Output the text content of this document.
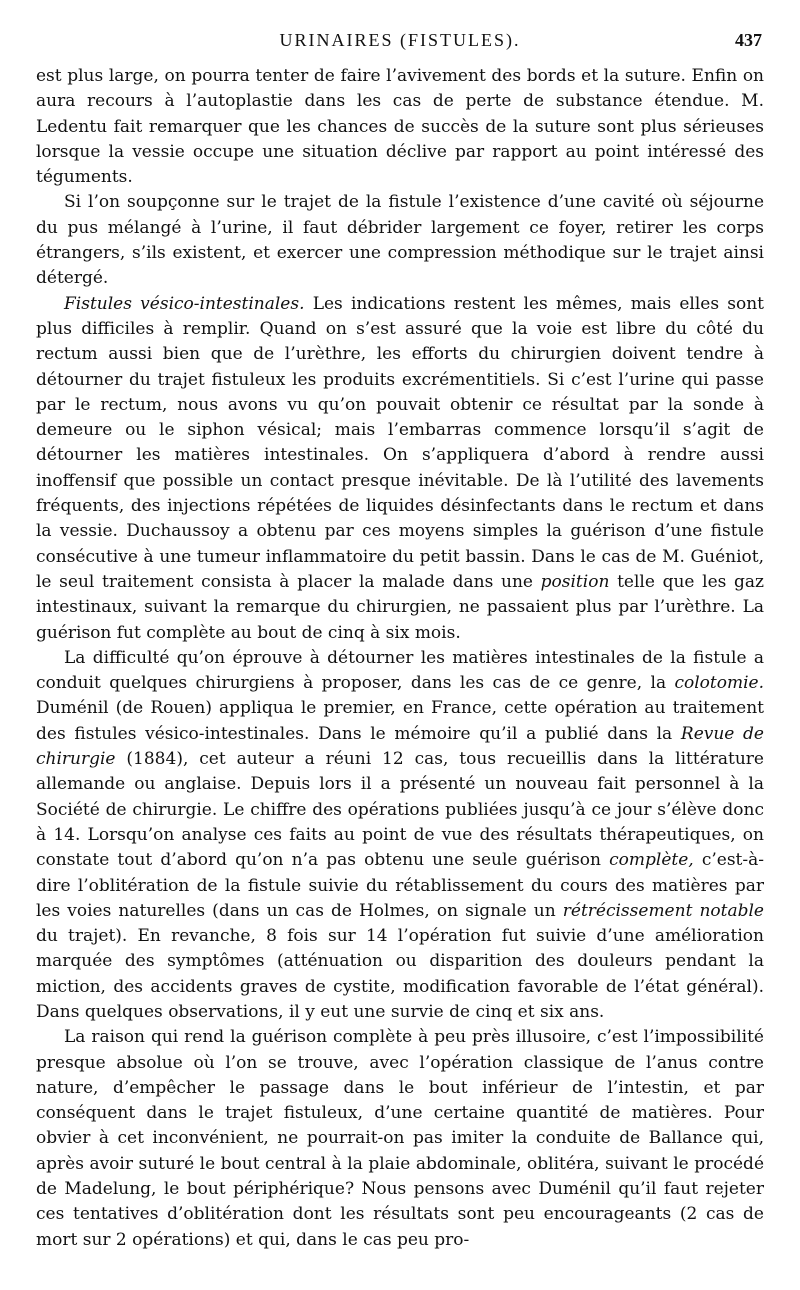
URINAIRES (FISTULES).	437

est plus large, on pourra tenter de faire l’avivement des bords et la suture. Enfin on aura recours à l’autoplastie dans les cas de perte de substance étendue. M. Ledentu fait remarquer que les chances de succès de la suture sont plus sérieuses lorsque la vessie occupe une situation déclive par rapport au point intéressé des téguments.

Si l’on soupçonne sur le trajet de la fistule l’existence d’une cavité où séjourne du pus mélangé à l’urine, il faut débrider largement ce foyer, retirer les corps étrangers, s’ils existent, et exercer une compression méthodique sur le trajet ainsi détergé.

Fistules vésico-intestinales. Les indications restent les mêmes, mais elles sont plus difficiles à remplir. Quand on s’est assuré que la voie est libre du côté du rectum aussi bien que de l’urèthre, les efforts du chirurgien doivent tendre à détourner du trajet fistuleux les produits excrémentitiels. Si c’est l’urine qui passe par le rectum, nous avons vu qu’on pouvait obtenir ce résultat par la sonde à demeure ou le siphon vésical; mais l’embarras commence lorsqu’il s’agit de détourner les matières intestinales. On s’appliquera d’abord à rendre aussi inoffensif que possible un contact presque inévitable. De là l’utilité des lavements fréquents, des injections répétées de liquides désinfectants dans le rectum et dans la vessie. Duchaussoy a obtenu par ces moyens simples la guérison d’une fistule consécutive à une tumeur inflammatoire du petit bassin. Dans le cas de M. Guéniot, le seul traitement consista à placer la malade dans une position telle que les gaz intestinaux, suivant la remarque du chirurgien, ne passaient plus par l’urèthre. La guérison fut complète au bout de cinq à six mois.

La difficulté qu’on éprouve à détourner les matières intestinales de la fistule a conduit quelques chirurgiens à proposer, dans les cas de ce genre, la colotomie. Duménil (de Rouen) appliqua le premier, en France, cette opération au traitement des fistules vésico-intestinales. Dans le mémoire qu’il a publié dans la Revue de chirurgie (1884), cet auteur a réuni 12 cas, tous recueillis dans la littérature allemande ou anglaise. Depuis lors il a présenté un nouveau fait personnel à la Société de chirurgie. Le chiffre des opérations publiées jusqu’à ce jour s’élève donc à 14. Lorsqu’on analyse ces faits au point de vue des résultats thérapeutiques, on constate tout d’abord qu’on n’a pas obtenu une seule guérison complète, c’est-à-dire l’oblitération de la fistule suivie du rétablissement du cours des matières par les voies naturelles (dans un cas de Holmes, on signale un rétrécissement notable du trajet). En revanche, 8 fois sur 14 l’opération fut suivie d’une amélioration marquée des symptômes (atténuation ou disparition des douleurs pendant la miction, des accidents graves de cystite, modification favorable de l’état général). Dans quelques observations, il y eut une survie de cinq et six ans.

La raison qui rend la guérison complète à peu près illusoire, c’est l’impossibilité presque absolue où l’on se trouve, avec l’opération classique de l’anus contre nature, d’empêcher le passage dans le bout inférieur de l’intestin, et par conséquent dans le trajet fistuleux, d’une certaine quantité de matières. Pour obvier à cet inconvénient, ne pourrait-on pas imiter la conduite de Ballance qui, après avoir suturé le bout central à la plaie abdominale, oblitéra, suivant le procédé de Madelung, le bout périphérique? Nous pensons avec Duménil qu’il faut rejeter ces tentatives d’oblitération dont les résultats sont peu encourageants (2 cas de mort sur 2 opérations) et qui, dans le cas peu pro-
